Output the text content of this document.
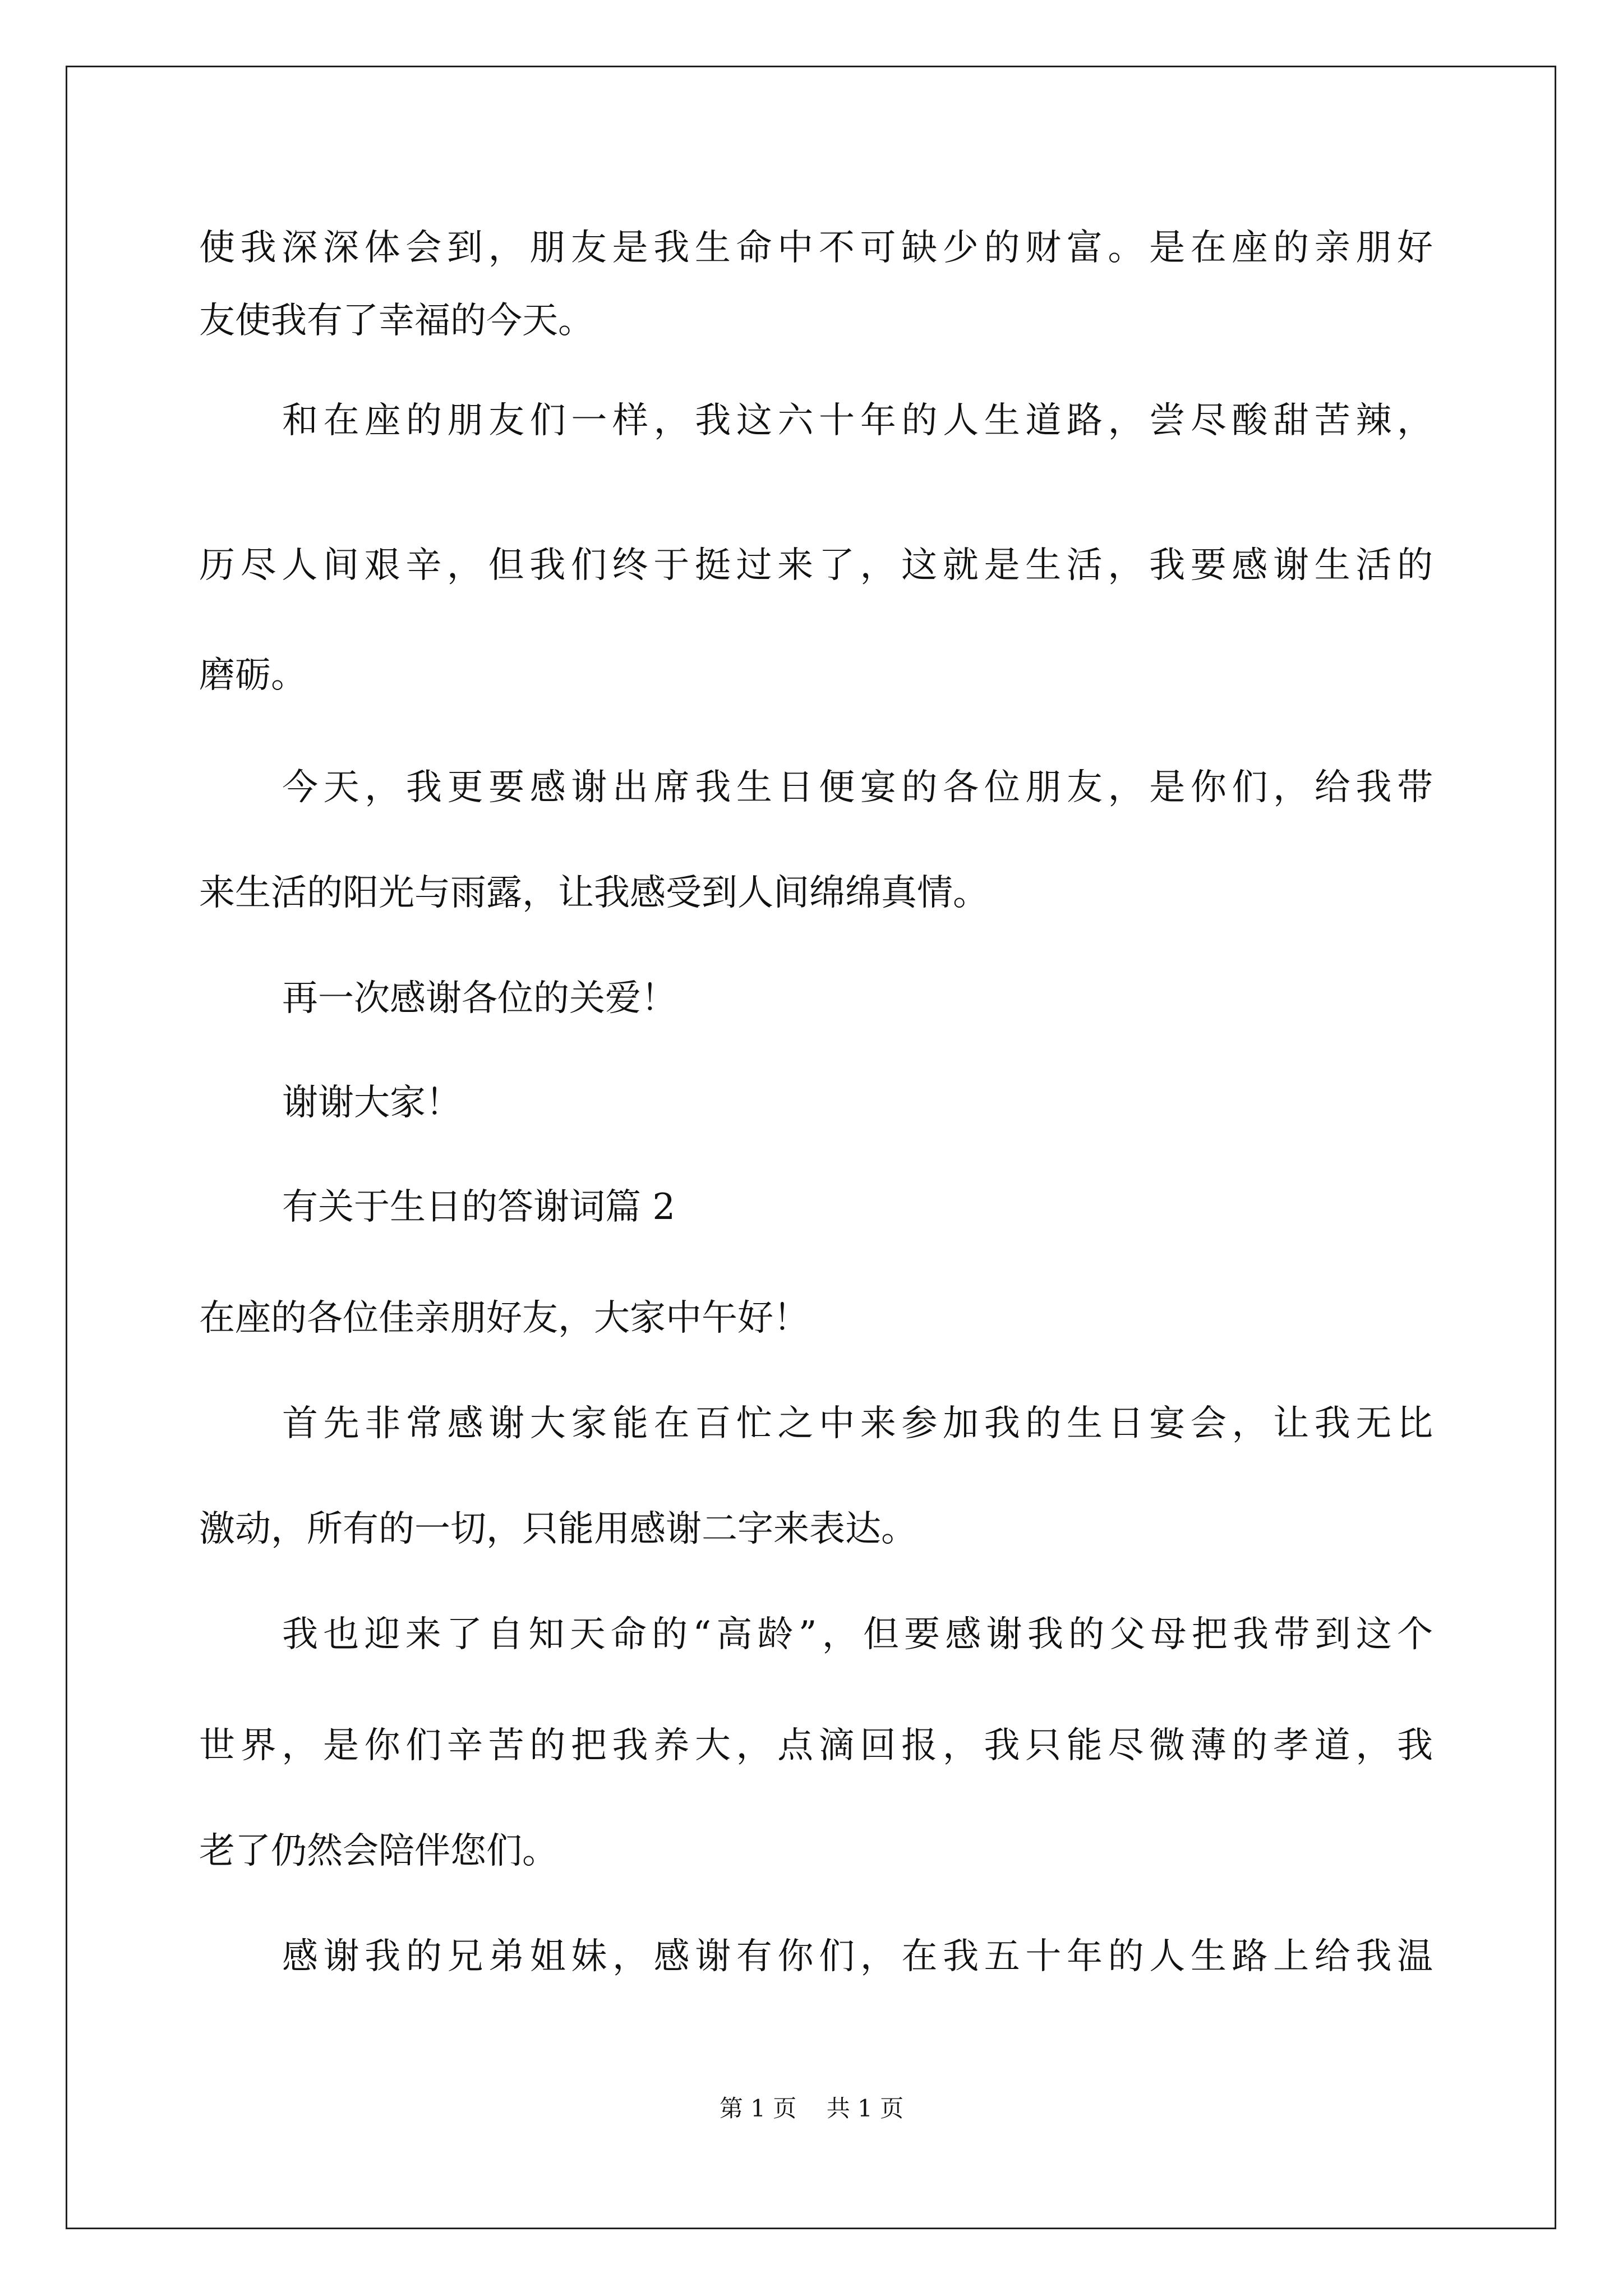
使我深深体会到，朋友是我生命中不可缺少的财富。是在座的亲朋好
友使我有了幸福的今天。
和在座的朋友们一样，我这六十年的人生道路，尝尽酸甜苦辣，
历尽人间艰辛，但我们终于挺过来了，这就是生活，我要感谢生活的
磨砺。
今天，我更要感谢出席我生日便宴的各位朋友，是你们，给我带
来生活的阳光与雨露，让我感受到人间绵绵真情。
再一次感谢各位的关爱！
谢谢大家！
有关于生日的答谢词篇 2
在座的各位佳亲朋好友，大家中午好！
首先非常感谢大家能在百忙之中来参加我的生日宴会，让我无比
激动，所有的一切，只能用感谢二字来表达。
我也迎来了自知天命的“高龄”，但要感谢我的父母把我带到这个
世界，是你们辛苦的把我养大，点滴回报，我只能尽微薄的孝道，我
老了仍然会陪伴您们。
感谢我的兄弟姐妹，感谢有你们，在我五十年的人生路上给我温
第 1 页    共 1 页
